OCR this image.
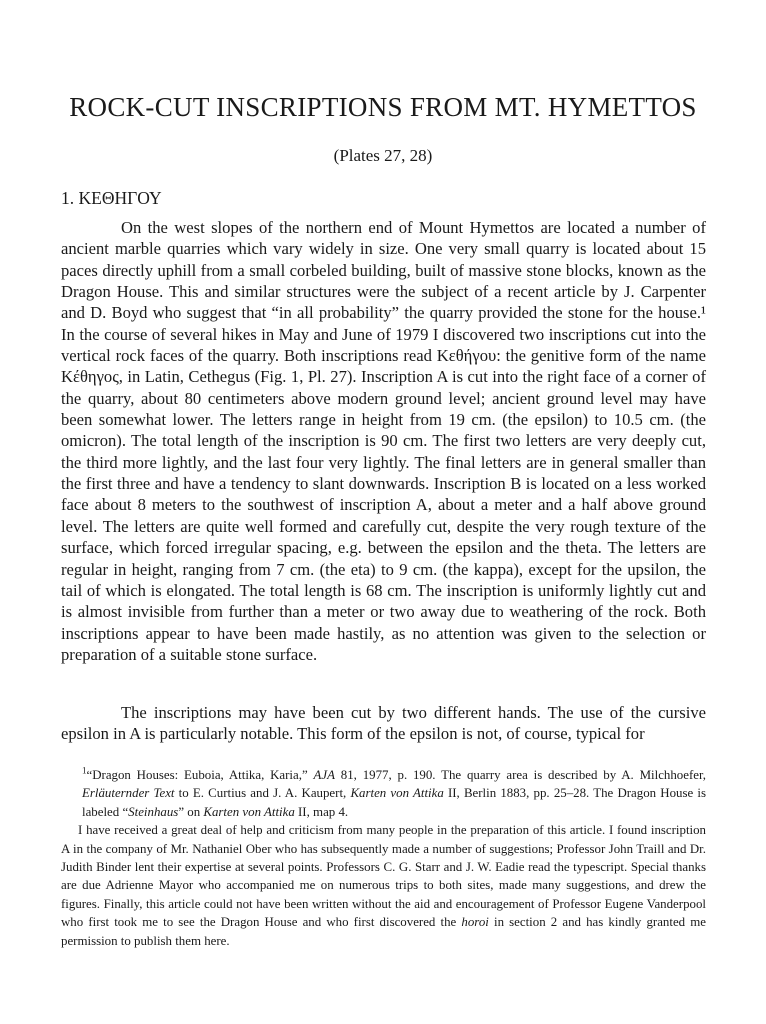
ROCK-CUT INSCRIPTIONS FROM MT. HYMETTOS

(Plates 27, 28)

1. ΚΕΘΗΓΟΥ

On the west slopes of the northern end of Mount Hymettos are located a number of ancient marble quarries which vary widely in size. One very small quarry is located about 15 paces directly uphill from a small corbeled building, built of massive stone blocks, known as the Dragon House. This and similar structures were the subject of a recent article by J. Carpenter and D. Boyd who suggest that “in all probability” the quarry provided the stone for the house.¹ In the course of several hikes in May and June of 1979 I discovered two inscriptions cut into the vertical rock faces of the quarry. Both inscriptions read Κεθήγου: the genitive form of the name Κέθηγος, in Latin, Cethegus (Fig. 1, Pl. 27). Inscription A is cut into the right face of a corner of the quarry, about 80 centimeters above modern ground level; ancient ground level may have been somewhat lower. The letters range in height from 19 cm. (the epsilon) to 10.5 cm. (the omicron). The total length of the inscription is 90 cm. The first two letters are very deeply cut, the third more lightly, and the last four very lightly. The final letters are in general smaller than the first three and have a tendency to slant downwards. Inscription B is located on a less worked face about 8 meters to the southwest of inscription A, about a meter and a half above ground level. The letters are quite well formed and carefully cut, despite the very rough texture of the surface, which forced irregular spacing, e.g. between the epsilon and the theta. The letters are regular in height, ranging from 7 cm. (the eta) to 9 cm. (the kappa), except for the upsilon, the tail of which is elongated. The total length is 68 cm. The inscription is uniformly lightly cut and is almost invisible from further than a meter or two away due to weathering of the rock. Both inscriptions appear to have been made hastily, as no attention was given to the selection or preparation of a suitable stone surface.

The inscriptions may have been cut by two different hands. The use of the cursive epsilon in A is particularly notable. This form of the epsilon is not, of course, typical for

$^1$“Dragon Houses: Euboia, Attika, Karia,” AJA 81, 1977, p. 190. The quarry area is described by A. Milchhoefer, Erläuternder Text to E. Curtius and J. A. Kaupert, Karten von Attika II, Berlin 1883, pp. 25–28. The Dragon House is labeled “Steinhaus” on Karten von Attika II, map 4.

I have received a great deal of help and criticism from many people in the preparation of this article. I found inscription A in the company of Mr. Nathaniel Ober who has subsequently made a number of suggestions; Professor John Traill and Dr. Judith Binder lent their expertise at several points. Professors C. G. Starr and J. W. Eadie read the typescript. Special thanks are due Adrienne Mayor who accompanied me on numerous trips to both sites, made many suggestions, and drew the figures. Finally, this article could not have been written without the aid and encouragement of Professor Eugene Vanderpool who first took me to see the Dragon House and who first discovered the horoi in section 2 and has kindly granted me permission to publish them here.
